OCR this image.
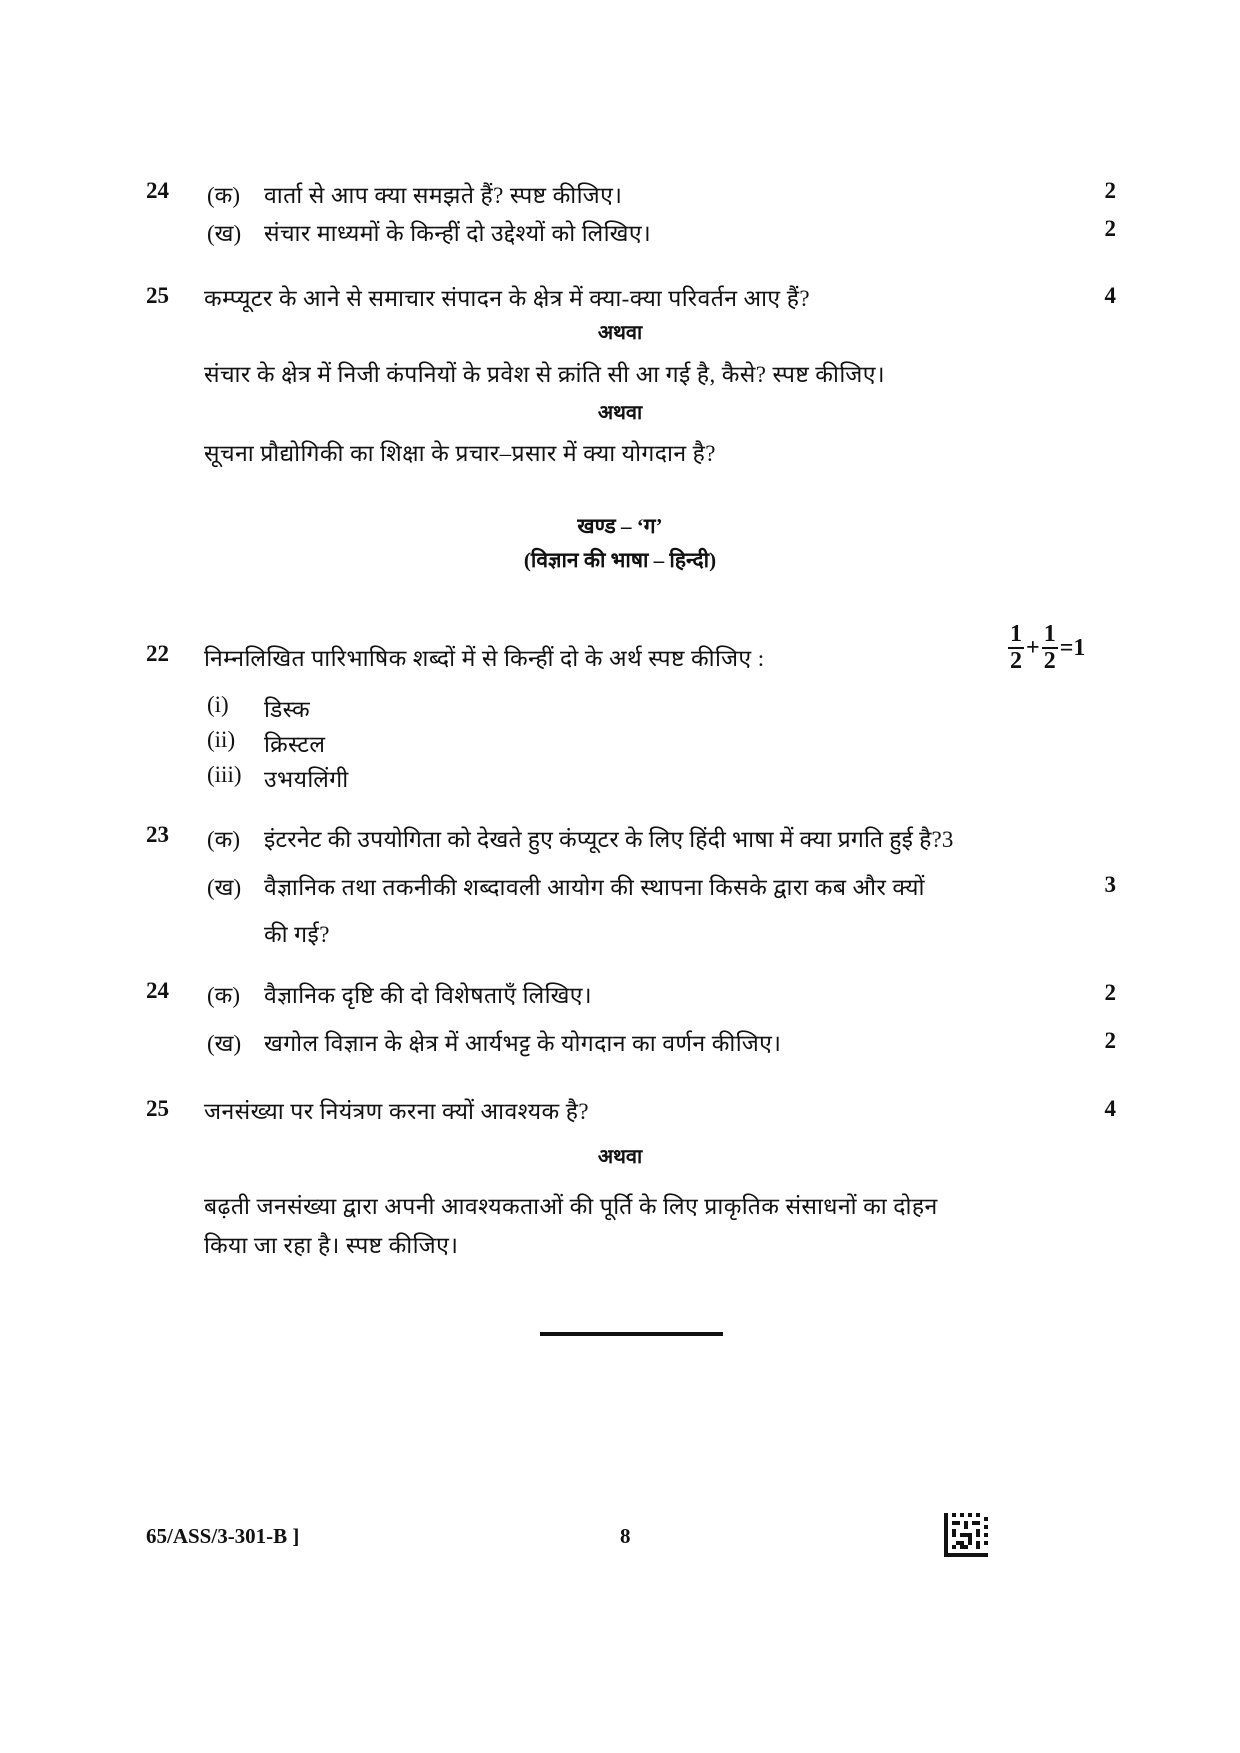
24 (क) वार्ता से आप क्या समझते हैं? स्पष्ट कीजिए।	2
(ख) संचार माध्यमों के किन्हीं दो उद्देश्यों को लिखिए।	2
25 कम्प्यूटर के आने से समाचार संपादन के क्षेत्र में क्या-क्या परिवर्तन आए हैं?	4
अथवा
संचार के क्षेत्र में निजी कंपनियों के प्रवेश से क्रांति सी आ गई है, कैसे? स्पष्ट कीजिए।
अथवा
सूचना प्रौद्योगिकी का शिक्षा के प्रचार–प्रसार में क्या योगदान है?
खण्ड – ‘ग’
(विज्ञान की भाषा – हिन्दी)
22 निम्नलिखित पारिभाषिक शब्दों में से किन्हीं दो के अर्थ स्पष्ट कीजिए :	$\frac{1}{2} + \frac{1}{2} =1$
(i) डिस्क
(ii) क्रिस्टल
(iii) उभयलिंगी
23 (क) इंटरनेट की उपयोगिता को देखते हुए कंप्यूटर के लिए हिंदी भाषा में क्या प्रगति हुई है?3
(ख) वैज्ञानिक तथा तकनीकी शब्दावली आयोग की स्थापना किसके द्वारा कब और क्यों	3
की गई?
24 (क) वैज्ञानिक दृष्टि की दो विशेषताएँ लिखिए।	2
(ख) खगोल विज्ञान के क्षेत्र में आर्यभट्ट के योगदान का वर्णन कीजिए।	2
25 जनसंख्या पर नियंत्रण करना क्यों आवश्यक है?	4
अथवा
बढ़ती जनसंख्या द्वारा अपनी आवश्यकताओं की पूर्ति के लिए प्राकृतिक संसाधनों का दोहन
किया जा रहा है। स्पष्ट कीजिए।
65/ASS/3-301-B ]	8
